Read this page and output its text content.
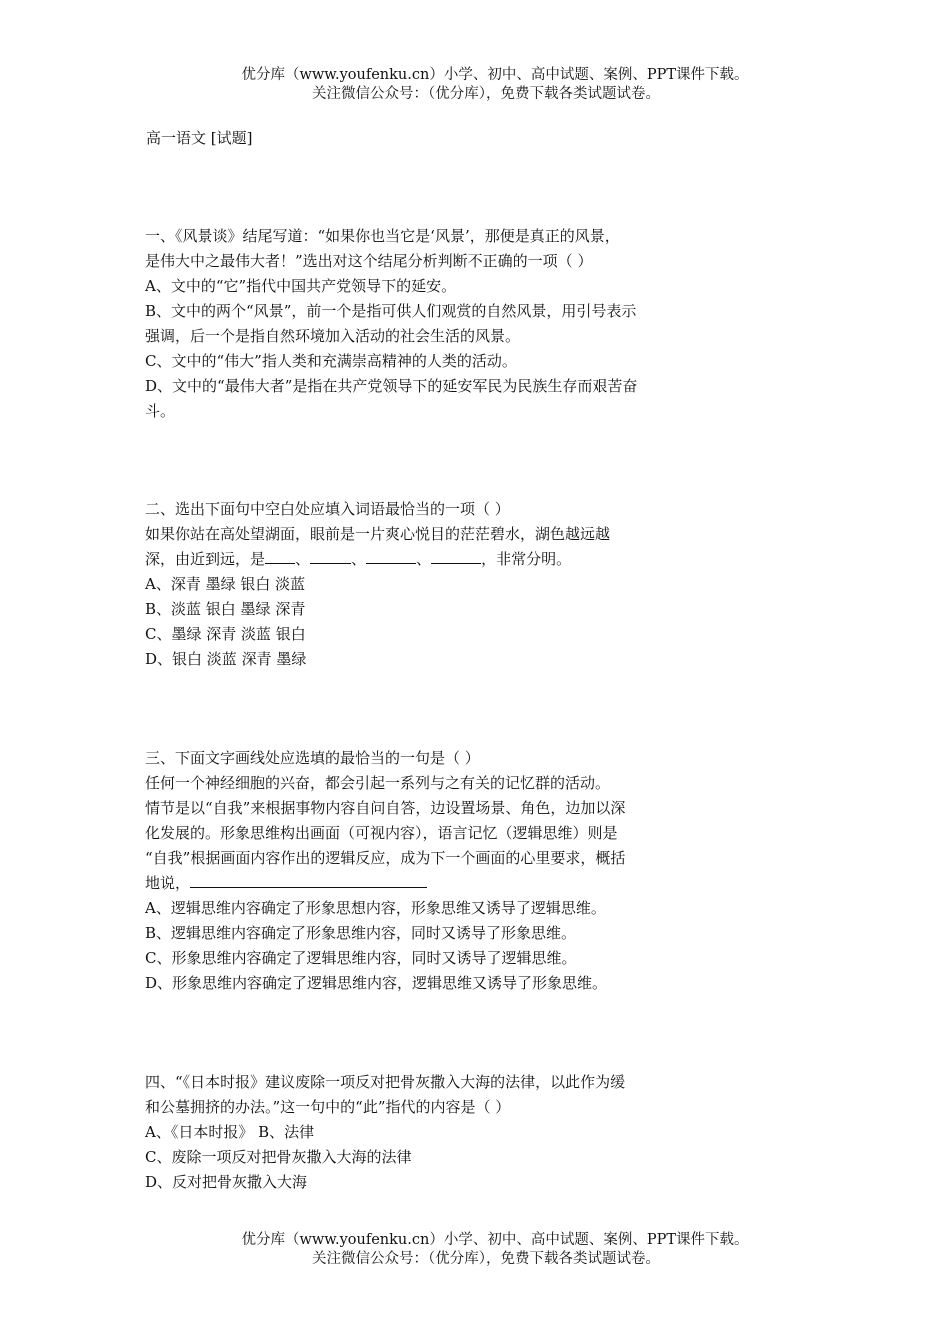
优分库（www.youfenku.cn）小学、初中、高中试题、案例、PPT课件下载。
关注微信公众号：（优分库），免费下载各类试题试卷。
高一语文 [试题]
一、《风景谈》结尾写道：“如果你也当它是‘风景’，那便是真正的风景，
是伟大中之最伟大者！”选出对这个结尾分析判断不正确的一项（ ）
A、文中的“它”指代中国共产党领导下的延安。
B、文中的两个“风景”，前一个是指可供人们观赏的自然风景，用引号表示
强调，后一个是指自然环境加入活动的社会生活的风景。
C、文中的“伟大”指人类和充满崇高精神的人类的活动。
D、文中的“最伟大者”是指在共产党领导下的延安军民为民族生存而艰苦奋
斗。
二、选出下面句中空白处应填入词语最恰当的一项（ ）
如果你站在高处望湖面，眼前是一片爽心悦目的茫茫碧水，湖色越远越
深，由近到远，是 、	、	、	，非常分明。
A、深青 墨绿 银白 淡蓝
B、淡蓝 银白 墨绿 深青
C、墨绿 深青 淡蓝 银白
D、银白 淡蓝 深青 墨绿
三、下面文字画线处应选填的最恰当的一句是（ ）
任何一个神经细胞的兴奋，都会引起一系列与之有关的记忆群的活动。
情节是以“自我”来根据事物内容自问自答，边设置场景、角色，边加以深
化发展的。形象思维构出画面（可视内容），语言记忆（逻辑思维）则是
“自我”根据画面内容作出的逻辑反应，成为下一个画面的心里要求，概括
地说，
A、逻辑思维内容确定了形象思想内容，形象思维又诱导了逻辑思维。
B、逻辑思维内容确定了形象思维内容，同时又诱导了形象思维。
C、形象思维内容确定了逻辑思维内容，同时又诱导了逻辑思维。
D、形象思维内容确定了逻辑思维内容，逻辑思维又诱导了形象思维。
四、“《日本时报》建议废除一项反对把骨灰撒入大海的法律，以此作为缓
和公墓拥挤的办法。”这一句中的“此”指代的内容是（ ）
A、《日本时报》 B、法律
C、废除一项反对把骨灰撒入大海的法律
D、反对把骨灰撒入大海
优分库（www.youfenku.cn）小学、初中、高中试题、案例、PPT课件下载。
关注微信公众号：（优分库），免费下载各类试题试卷。
